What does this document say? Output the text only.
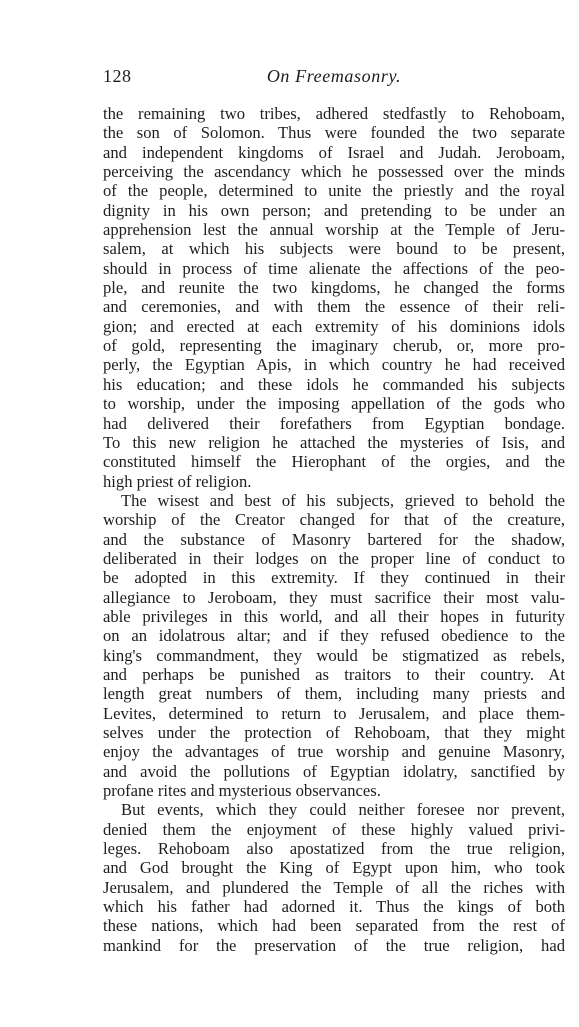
128	On Freemasonry.
the remaining two tribes, adhered stedfastly to Rehoboam,
the son of Solomon. Thus were founded the two separate
and independent kingdoms of Israel and Judah. Jeroboam,
perceiving the ascendancy which he possessed over the minds
of the people, determined to unite the priestly and the royal
dignity in his own person; and pretending to be under an
apprehension lest the annual worship at the Temple of Jeru-
salem, at which his subjects were bound to be present,
should in process of time alienate the affections of the peo-
ple, and reunite the two kingdoms, he changed the forms
and ceremonies, and with them the essence of their reli-
gion; and erected at each extremity of his dominions idols
of gold, representing the imaginary cherub, or, more pro-
perly, the Egyptian Apis, in which country he had received
his education; and these idols he commanded his subjects
to worship, under the imposing appellation of the gods who
had delivered their forefathers from Egyptian bondage.
To this new religion he attached the mysteries of Isis, and
constituted himself the Hierophant of the orgies, and the
high priest of religion.
The wisest and best of his subjects, grieved to behold the
worship of the Creator changed for that of the creature,
and the substance of Masonry bartered for the shadow,
deliberated in their lodges on the proper line of conduct to
be adopted in this extremity. If they continued in their
allegiance to Jeroboam, they must sacrifice their most valu-
able privileges in this world, and all their hopes in futurity
on an idolatrous altar; and if they refused obedience to the
king's commandment, they would be stigmatized as rebels,
and perhaps be punished as traitors to their country. At
length great numbers of them, including many priests and
Levites, determined to return to Jerusalem, and place them-
selves under the protection of Rehoboam, that they might
enjoy the advantages of true worship and genuine Masonry,
and avoid the pollutions of Egyptian idolatry, sanctified by
profane rites and mysterious observances.
But events, which they could neither foresee nor prevent,
denied them the enjoyment of these highly valued privi-
leges. Rehoboam also apostatized from the true religion,
and God brought the King of Egypt upon him, who took
Jerusalem, and plundered the Temple of all the riches with
which his father had adorned it. Thus the kings of both
these nations, which had been separated from the rest of
mankind for the preservation of the true religion, had
